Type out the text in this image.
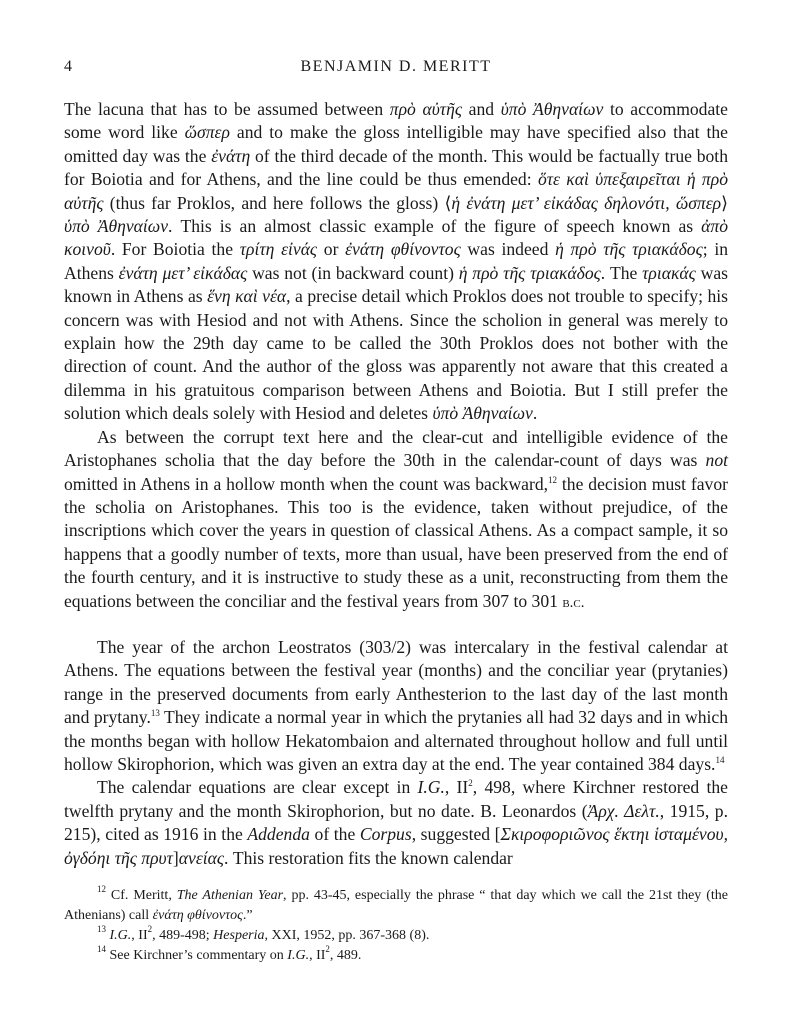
4	BENJAMIN D. MERITT

The lacuna that has to be assumed between πρὸ αὐτῆς and ὑπὸ Ἀθηναίων to accommodate some word like ὥσπερ and to make the gloss intelligible may have specified also that the omitted day was the ἐνάτη of the third decade of the month. This would be factually true both for Boiotia and for Athens, and the line could be thus emended: ὅτε καὶ ὑπεξαιρεῖται ἡ πρὸ αὐτῆς (thus far Proklos, and here follows the gloss) ⟨ἡ ἐνάτη μετ’ εἰκάδας δηλονότι, ὥσπερ⟩ ὑπὸ Ἀθηναίων. This is an almost classic example of the figure of speech known as ἀπὸ κοινοῦ. For Boiotia the τρίτη εἰνάς or ἐνάτη φθίνοντος was indeed ἡ πρὸ τῆς τριακάδος; in Athens ἐνάτη μετ’ εἰκάδας was not (in backward count) ἡ πρὸ τῆς τριακάδος. The τριακάς was known in Athens as ἕνη καὶ νέα, a precise detail which Proklos does not trouble to specify; his concern was with Hesiod and not with Athens. Since the scholion in general was merely to explain how the 29th day came to be called the 30th Proklos does not bother with the direction of count. And the author of the gloss was apparently not aware that this created a dilemma in his gratuitous comparison between Athens and Boiotia. But I still prefer the solution which deals solely with Hesiod and deletes ὑπὸ Ἀθηναίων.

As between the corrupt text here and the clear-cut and intelligible evidence of the Aristophanes scholia that the day before the 30th in the calendar-count of days was not omitted in Athens in a hollow month when the count was backward,$^{12}$ the decision must favor the scholia on Aristophanes. This too is the evidence, taken without prejudice, of the inscriptions which cover the years in question of classical Athens. As a compact sample, it so happens that a goodly number of texts, more than usual, have been preserved from the end of the fourth century, and it is instructive to study these as a unit, reconstructing from them the equations between the conciliar and the festival years from 307 to 301 b.c.

The year of the archon Leostratos (303/2) was intercalary in the festival calendar at Athens. The equations between the festival year (months) and the conciliar year (prytanies) range in the preserved documents from early Anthesterion to the last day of the last month and prytany.$^{13}$ They indicate a normal year in which the prytanies all had 32 days and in which the months began with hollow Hekatombaion and alternated throughout hollow and full until hollow Skirophorion, which was given an extra day at the end. The year contained 384 days.$^{14}$

The calendar equations are clear except in I.G., $II^2$, 498, where Kirchner restored the twelfth prytany and the month Skirophorion, but no date. B. Leonardos (Ἀρχ. Δελτ., 1915, p. 215), cited as 1916 in the Addenda of the Corpus, suggested [Σκιροφοριῶνος ἕκτηι ἱσταμένου, ὀγδόηι τῆς πρυτ]ανείας. This restoration fits the known calendar

$^{12}$ Cf. Meritt, The Athenian Year, pp. 43-45, especially the phrase “ that day which we call the 21st they (the Athenians) call ἐνάτη φθίνοντος.”

$^{13}$ I.G., $II^2$, 489-498; Hesperia, XXI, 1952, pp. 367-368 (8).

$^{14}$ See Kirchner’s commentary on I.G., $II^2$, 489.
